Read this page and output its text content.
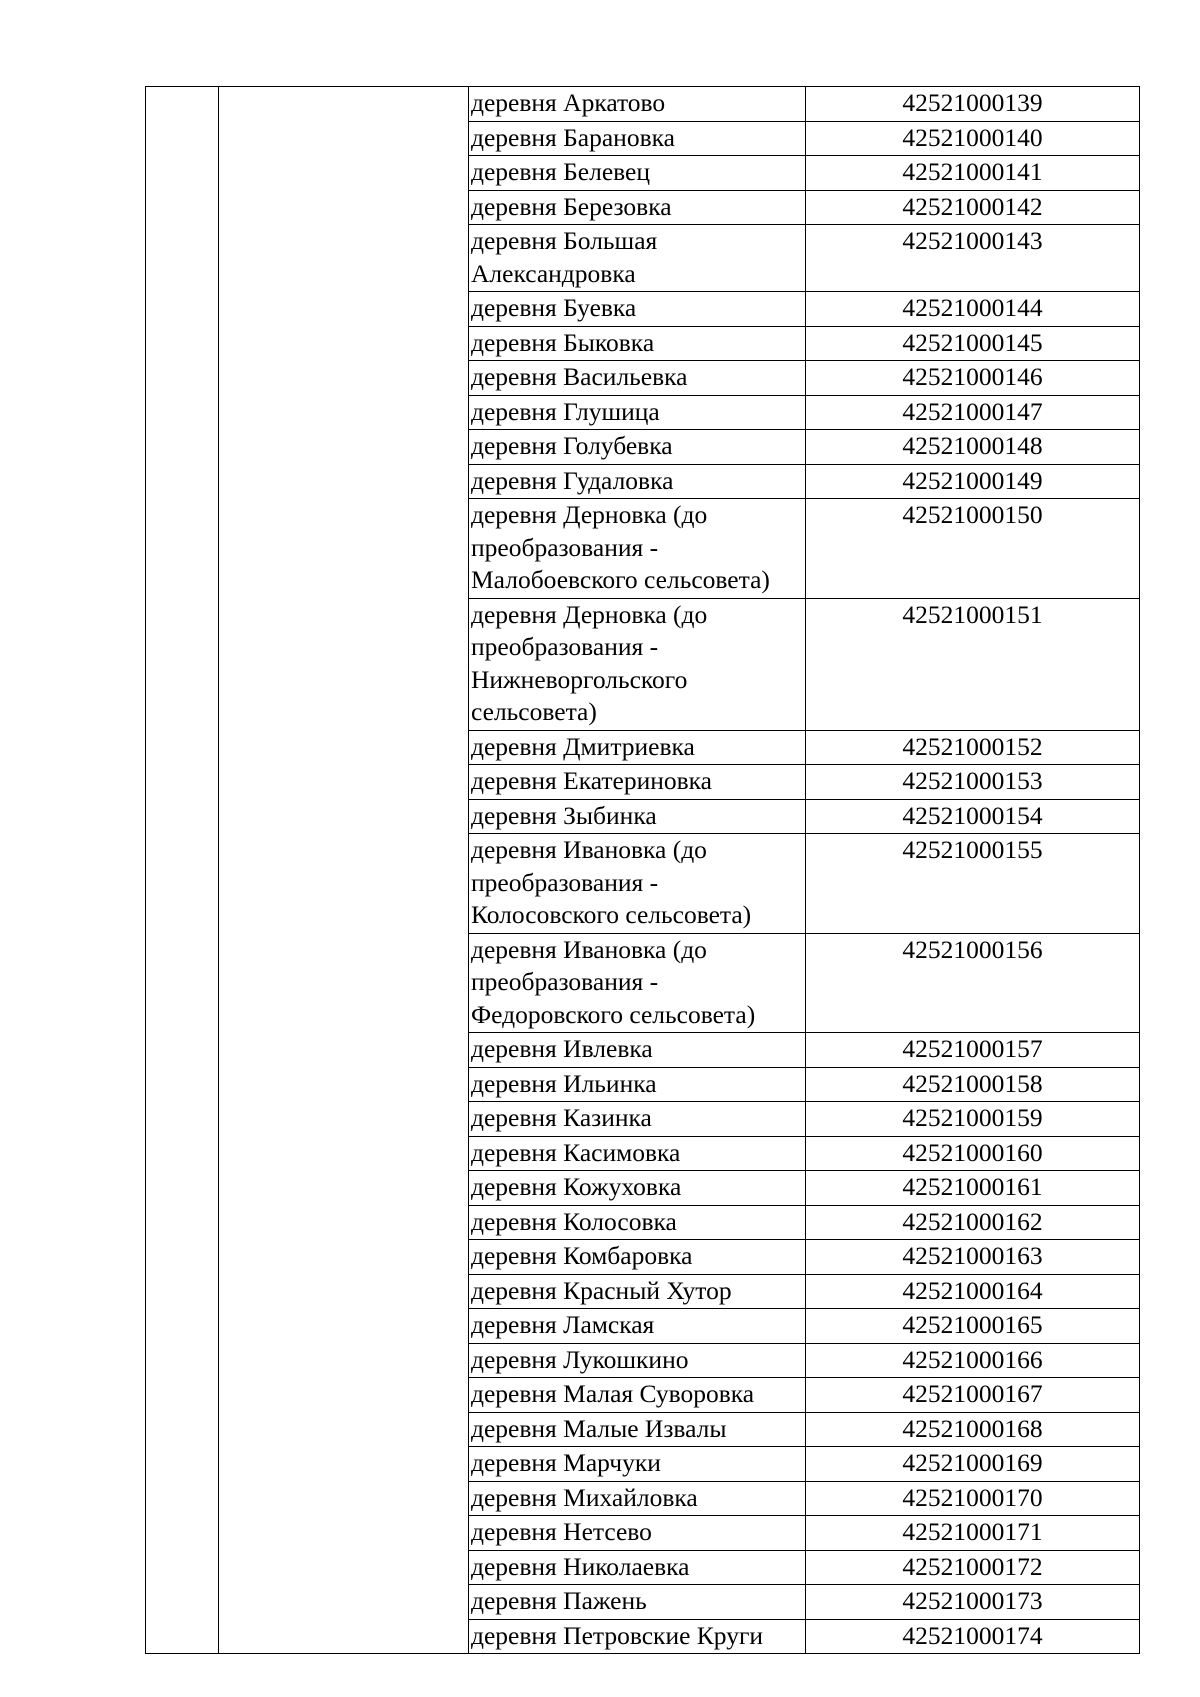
		деревня Аркатово	42521000139
		деревня Барановка	42521000140
		деревня Белевец	42521000141
		деревня Березовка	42521000142
		деревня Большая Александровка	42521000143
		деревня Буевка	42521000144
		деревня Быковка	42521000145
		деревня Васильевка	42521000146
		деревня Глушица	42521000147
		деревня Голубевка	42521000148
		деревня Гудаловка	42521000149
		деревня Дерновка (до преобразования - Малобоевского сельсовета)	42521000150
		деревня Дерновка (до преобразования - Нижневоргольского сельсовета)	42521000151
		деревня Дмитриевка	42521000152
		деревня Екатериновка	42521000153
		деревня Зыбинка	42521000154
		деревня Ивановка (до преобразования - Колосовского сельсовета)	42521000155
		деревня Ивановка (до преобразования - Федоровского сельсовета)	42521000156
		деревня Ивлевка	42521000157
		деревня Ильинка	42521000158
		деревня Казинка	42521000159
		деревня Касимовка	42521000160
		деревня Кожуховка	42521000161
		деревня Колосовка	42521000162
		деревня Комбаровка	42521000163
		деревня Красный Хутор	42521000164
		деревня Ламская	42521000165
		деревня Лукошкино	42521000166
		деревня Малая Суворовка	42521000167
		деревня Малые Извалы	42521000168
		деревня Марчуки	42521000169
		деревня Михайловка	42521000170
		деревня Нетсево	42521000171
		деревня Николаевка	42521000172
		деревня Пажень	42521000173
		деревня Петровские Круги	42521000174
